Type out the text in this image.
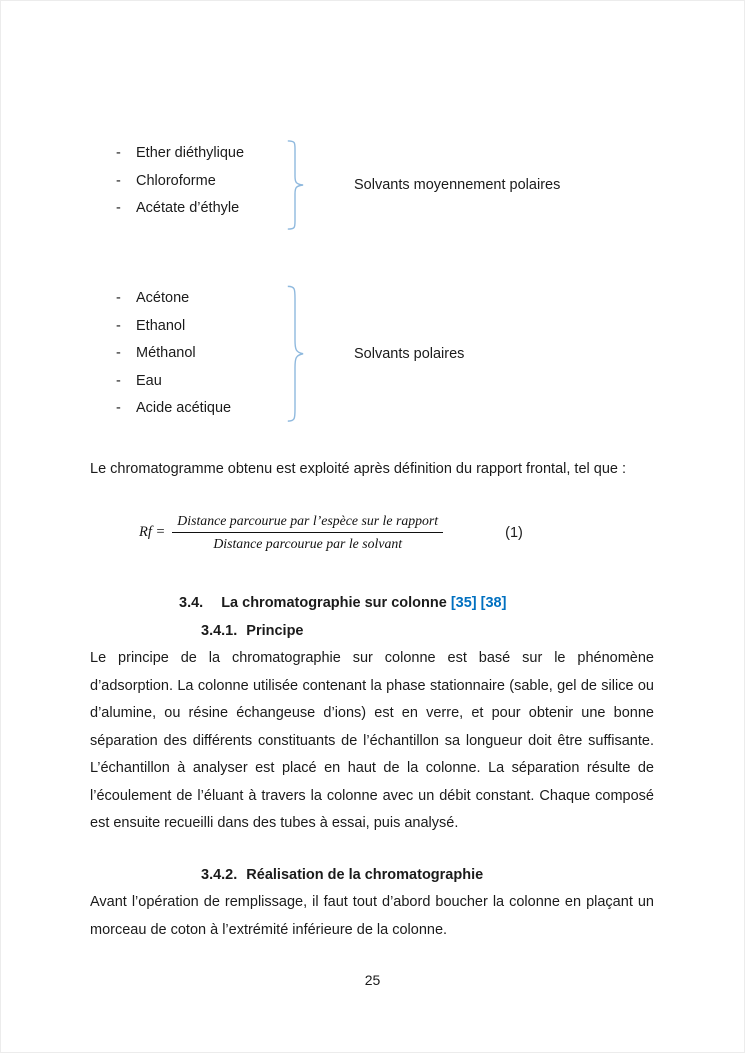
-	Ether diéthylique
-	Chloroforme
-	Acétate d’éthyle
Solvants moyennement polaires
-	Acétone
-	Ethanol
-	Méthanol
-	Eau
-	Acide acétique
Solvants polaires

Le chromatogramme obtenu est exploité après définition du rapport frontal, tel que :

$Rf = \frac{\text{Distance parcourue par l’espèce sur le rapport}}{\text{Distance parcourue par le solvant}}$	(1)
3.4. La chromatographie sur colonne [35] [38]
3.4.1. Principe

Le principe de la chromatographie sur colonne est basé sur le phénomène d’adsorption. La colonne utilisée contenant la phase stationnaire (sable, gel de silice ou d’alumine, ou résine échangeuse d’ions) est en verre, et pour obtenir une bonne séparation des différents constituants de l’échantillon sa longueur doit être suffisante. L’échantillon à analyser est placé en haut de la colonne. La séparation résulte de l’écoulement de l’éluant à travers la colonne avec un débit constant. Chaque composé est ensuite recueilli dans des tubes à essai, puis analysé.

3.4.2. Réalisation de la chromatographie

Avant l’opération de remplissage, il faut tout d’abord boucher la colonne en plaçant un morceau de coton à l’extrémité inférieure de la colonne.

25
